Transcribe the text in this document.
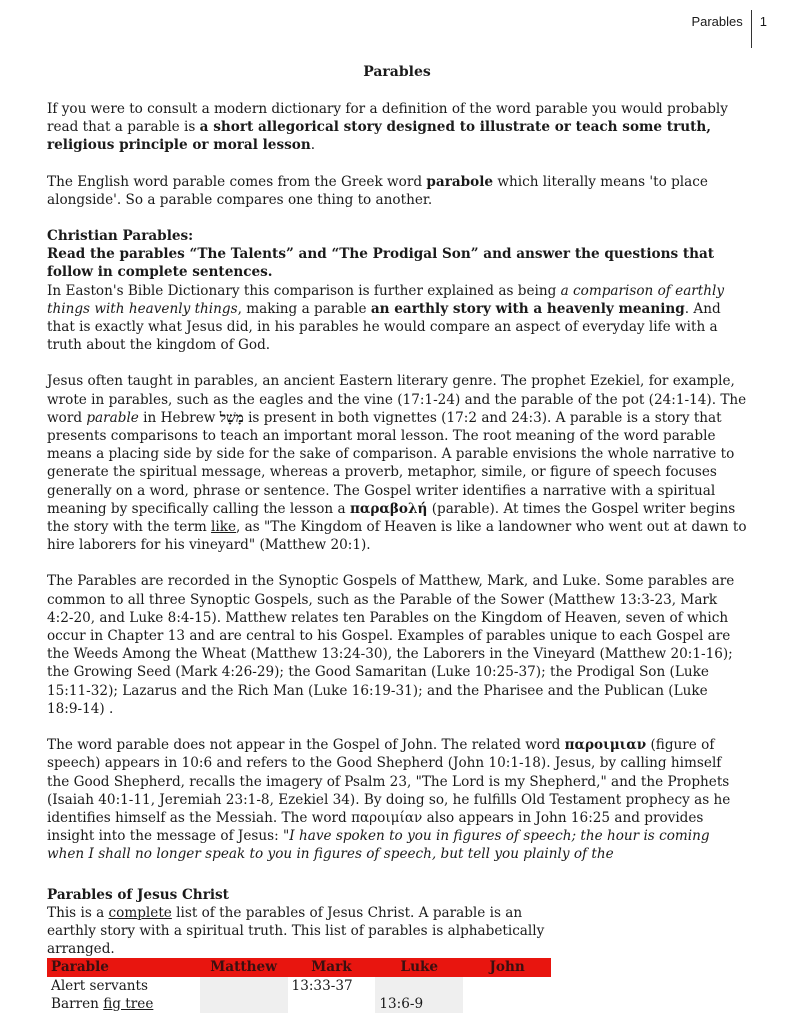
Parables	1
Parables

If you were to consult a modern dictionary for a definition of the word parable you would probably read that a parable is a short allegorical story designed to illustrate or teach some truth, religious principle or moral lesson.

The English word parable comes from the Greek word parabole which literally means 'to place alongside'. So a parable compares one thing to another.

Christian Parables:
Read the parables “The Talents” and “The Prodigal Son” and answer the questions that follow in complete sentences.

In Easton's Bible Dictionary this comparison is further explained as being a comparison of earthly things with heavenly things, making a parable an earthly story with a heavenly meaning. And that is exactly what Jesus did, in his parables he would compare an aspect of everyday life with a truth about the kingdom of God.

Jesus often taught in parables, an ancient Eastern literary genre. The prophet Ezekiel, for example, wrote in parables, such as the eagles and the vine (17:1-24) and the parable of the pot (24:1-14). The word parable in Hebrew מָשָׁל is present in both vignettes (17:2 and 24:3). A parable is a story that presents comparisons to teach an important moral lesson. The root meaning of the word parable means a placing side by side for the sake of comparison. A parable envisions the whole narrative to generate the spiritual message, whereas a proverb, metaphor, simile, or figure of speech focuses generally on a word, phrase or sentence. The Gospel writer identifies a narrative with a spiritual meaning by specifically calling the lesson a παραβολή (parable). At times the Gospel writer begins the story with the term like, as "The Kingdom of Heaven is like a landowner who went out at dawn to hire laborers for his vineyard" (Matthew 20:1).

The Parables are recorded in the Synoptic Gospels of Matthew, Mark, and Luke. Some parables are common to all three Synoptic Gospels, such as the Parable of the Sower (Matthew 13:3-23, Mark 4:2-20, and Luke 8:4-15). Matthew relates ten Parables on the Kingdom of Heaven, seven of which occur in Chapter 13 and are central to his Gospel. Examples of parables unique to each Gospel are the Weeds Among the Wheat (Matthew 13:24-30), the Laborers in the Vineyard (Matthew 20:1-16); the Growing Seed (Mark 4:26-29); the Good Samaritan (Luke 10:25-37); the Prodigal Son (Luke 15:11-32); Lazarus and the Rich Man (Luke 16:19-31); and the Pharisee and the Publican (Luke 18:9-14) .

The word parable does not appear in the Gospel of John. The related word παροιμιαν (figure of speech) appears in 10:6 and refers to the Good Shepherd (John 10:1-18). Jesus, by calling himself the Good Shepherd, recalls the imagery of Psalm 23, "The Lord is my Shepherd," and the Prophets (Isaiah 40:1-11, Jeremiah 23:1-8, Ezekiel 34). By doing so, he fulfills Old Testament prophecy as he identifies himself as the Messiah. The word παροιμίαν also appears in John 16:25 and provides insight into the message of Jesus: "I have spoken to you in figures of speech; the hour is coming when I shall no longer speak to you in figures of speech, but tell you plainly of the

Parables of Jesus Christ
This is a complete list of the parables of Jesus Christ. A parable is an earthly story with a spiritual truth. This list of parables is alphabetically arranged.
Parable	Matthew	Mark	Luke	John
Alert servants		13:33-37		
Barren fig tree			13:6-9	
